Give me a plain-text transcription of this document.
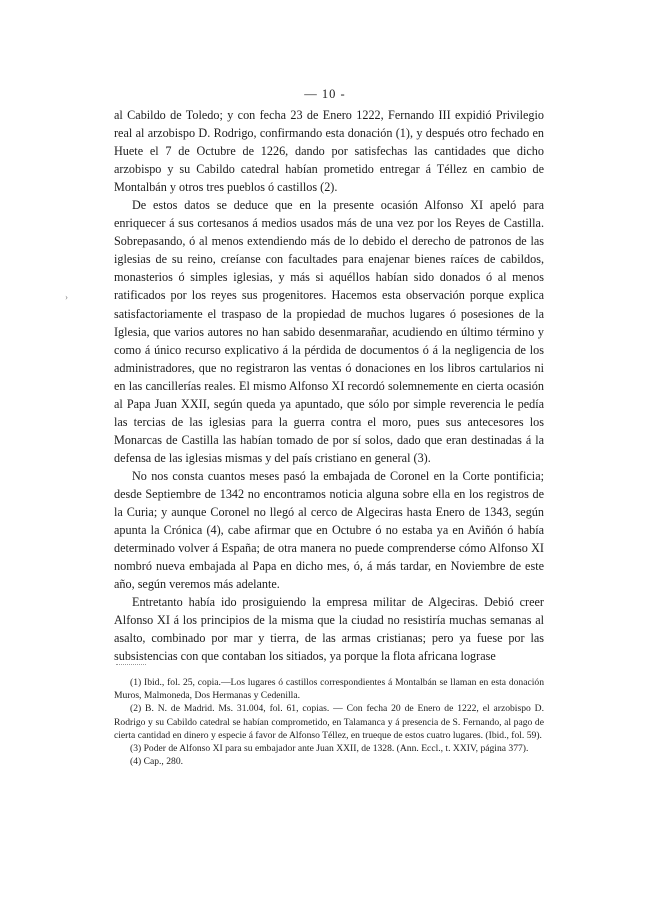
— 10 -
›

al Cabildo de Toledo; y con fecha 23 de Enero 1222, Fernando III expidió Privilegio real al arzobispo D. Rodrigo, confirmando esta donación (1), y después otro fechado en Huete el 7 de Octubre de 1226, dando por satisfechas las cantidades que dicho arzobispo y su Cabildo catedral habían prometido entregar á Téllez en cambio de Montalbán y otros tres pueblos ó castillos (2).

De estos datos se deduce que en la presente ocasión Alfonso XI apeló para enriquecer á sus cortesanos á medios usados más de una vez por los Reyes de Castilla. Sobrepasando, ó al menos extendiendo más de lo debido el derecho de patronos de las iglesias de su reino, creíanse con facultades para enajenar bienes raíces de cabildos, monasterios ó simples iglesias, y más si aquéllos habían sido donados ó al menos ratificados por los reyes sus progenitores. Hacemos esta observación porque explica satisfactoriamente el traspaso de la propiedad de muchos lugares ó posesiones de la Iglesia, que varios autores no han sabido desenmarañar, acudiendo en último término y como á único recurso explicativo á la pérdida de documentos ó á la negligencia de los administradores, que no registraron las ventas ó donaciones en los libros cartularios ni en las cancillerías reales. El mismo Alfonso XI recordó solemnemente en cierta ocasión al Papa Juan XXII, según queda ya apuntado, que sólo por simple reverencia le pedía las tercias de las iglesias para la guerra contra el moro, pues sus antecesores los Monarcas de Castilla las habían tomado de por sí solos, dado que eran destinadas á la defensa de las iglesias mismas y del país cristiano en general (3).

No nos consta cuantos meses pasó la embajada de Coronel en la Corte pontificia; desde Septiembre de 1342 no encontramos noticia alguna sobre ella en los registros de la Curia; y aunque Coronel no llegó al cerco de Algeciras hasta Enero de 1343, según apunta la Crónica (4), cabe afirmar que en Octubre ó no estaba ya en Aviñón ó había determinado volver á España; de otra manera no puede comprenderse cómo Alfonso XI nombró nueva embajada al Papa en dicho mes, ó, á más tardar, en Noviembre de este año, según veremos más adelante.

Entretanto había ido prosiguiendo la empresa militar de Algeciras. Debió creer Alfonso XI á los principios de la misma que la ciudad no resistiría muchas semanas al asalto, combinado por mar y tierra, de las armas cristianas; pero ya fuese por las subsistencias con que contaban los sitiados, ya porque la flota africana lograse

(1) Ibid., fol. 25, copia.—Los lugares ó castillos correspondientes á Montalbán se llaman en esta donación Muros, Malmoneda, Dos Hermanas y Cedenilla.

(2) B. N. de Madrid. Ms. 31.004, fol. 61, copias. — Con fecha 20 de Enero de 1222, el arzobispo D. Rodrigo y su Cabildo catedral se habían comprometido, en Talamanca y á presencia de S. Fernando, al pago de cierta cantidad en dinero y especie á favor de Alfonso Téllez, en trueque de estos cuatro lugares. (Ibid., fol. 59).

(3) Poder de Alfonso XI para su embajador ante Juan XXII, de 1328. (Ann. Eccl., t. XXIV, página 377).

(4) Cap., 280.
